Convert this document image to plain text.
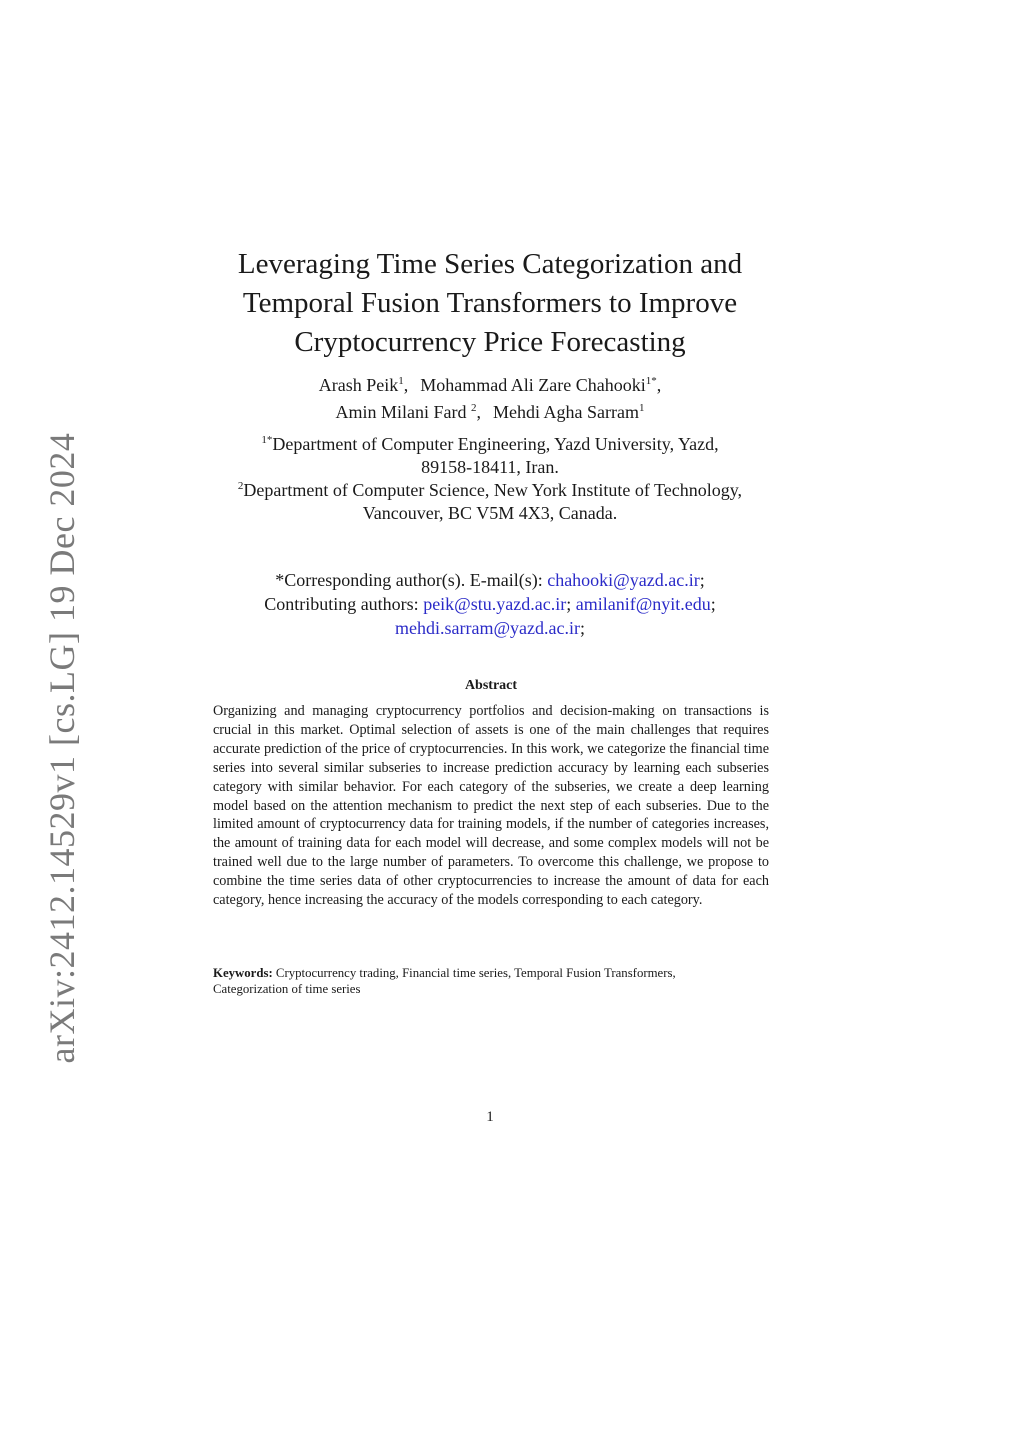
arXiv:2412.14529v1 [cs.LG] 19 Dec 2024
Leveraging Time Series Categorization and
Temporal Fusion Transformers to Improve
Cryptocurrency Price Forecasting
Arash Peik$^1$, Mohammad Ali Zare Chahooki$^{1*}$,
Amin Milani Fard $^2$, Mehdi Agha Sarram$^1$
$^{1*}$Department of Computer Engineering, Yazd University, Yazd,
89158-18411, Iran.
$^2$Department of Computer Science, New York Institute of Technology,
Vancouver, BC V5M 4X3, Canada.
*Corresponding author(s). E-mail(s): chahooki@yazd.ac.ir;
Contributing authors: peik@stu.yazd.ac.ir; amilanif@nyit.edu;
mehdi.sarram@yazd.ac.ir;
Abstract

Organizing and managing cryptocurrency portfolios and decision-making on transactions is crucial in this market. Optimal selection of assets is one of the main challenges that requires accurate prediction of the price of cryptocurrencies. In this work, we categorize the financial time series into several similar subseries to increase prediction accuracy by learning each subseries category with similar behavior. For each category of the subseries, we create a deep learning model based on the attention mechanism to predict the next step of each subseries. Due to the limited amount of cryptocurrency data for training models, if the number of categories increases, the amount of training data for each model will decrease, and some complex models will not be trained well due to the large number of parameters. To overcome this challenge, we propose to combine the time series data of other cryptocurrencies to increase the amount of data for each category, hence increasing the accuracy of the models corresponding to each category.

Keywords: Cryptocurrency trading, Financial time series, Temporal Fusion Transformers, Categorization of time series

1
